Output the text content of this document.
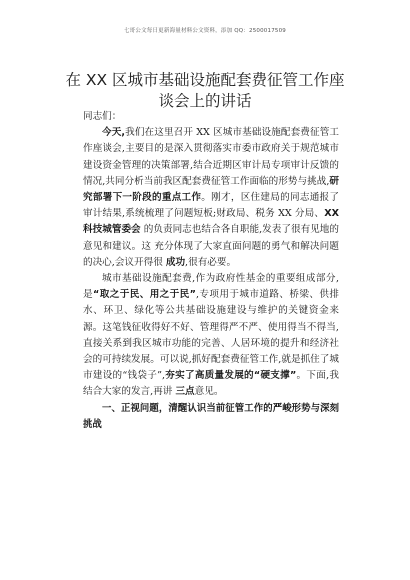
七哥公文每日更新海量材料公文资料，添加 QQ：2500017509
在 XX 区城市基础设施配套费征管工作座谈会上的讲话

同志们：

今天,我们在这里召开 XX 区城市基础设施配套费征管工作座谈会,主要目的是深入贯彻落实市委市政府关于规范城市建设资金管理的决策部署,结合近期区审计局专项审计反馈的情况,共同分析当前我区配套费征管工作面临的形势与挑战,研究部署下一阶段的重点工作。刚才，区住建局的同志通报了审计结果,系统梳理了问题短板;财政局、税务 XX 分局、XX 科技城管委会 的负责同志也结合各自职能,发表了很有见地的意见和建议。这 充分体现了大家直面问题的勇气和解决问题的决心,会议开得很 成功,很有必要。

城市基础设施配套费,作为政府性基金的重要组成部分,是“取之于民、用之于民”,专项用于城市道路、桥梁、供排水、环卫、绿化等公共基础设施建设与维护的关键资金来源。这笔钱征收得好不好、管理得严不严、使用得当不得当,直接关系到我区城市功能的完善、人居环境的提升和经济社会的可持续发展。可以说,抓好配套费征管工作,就是抓住了城市建设的“钱袋子”,夯实了高质量发展的“硬支撑”。下面,我结合大家的发言,再讲 三点意见。

一、正视问题，清醒认识当前征管工作的严峻形势与深刻挑战
